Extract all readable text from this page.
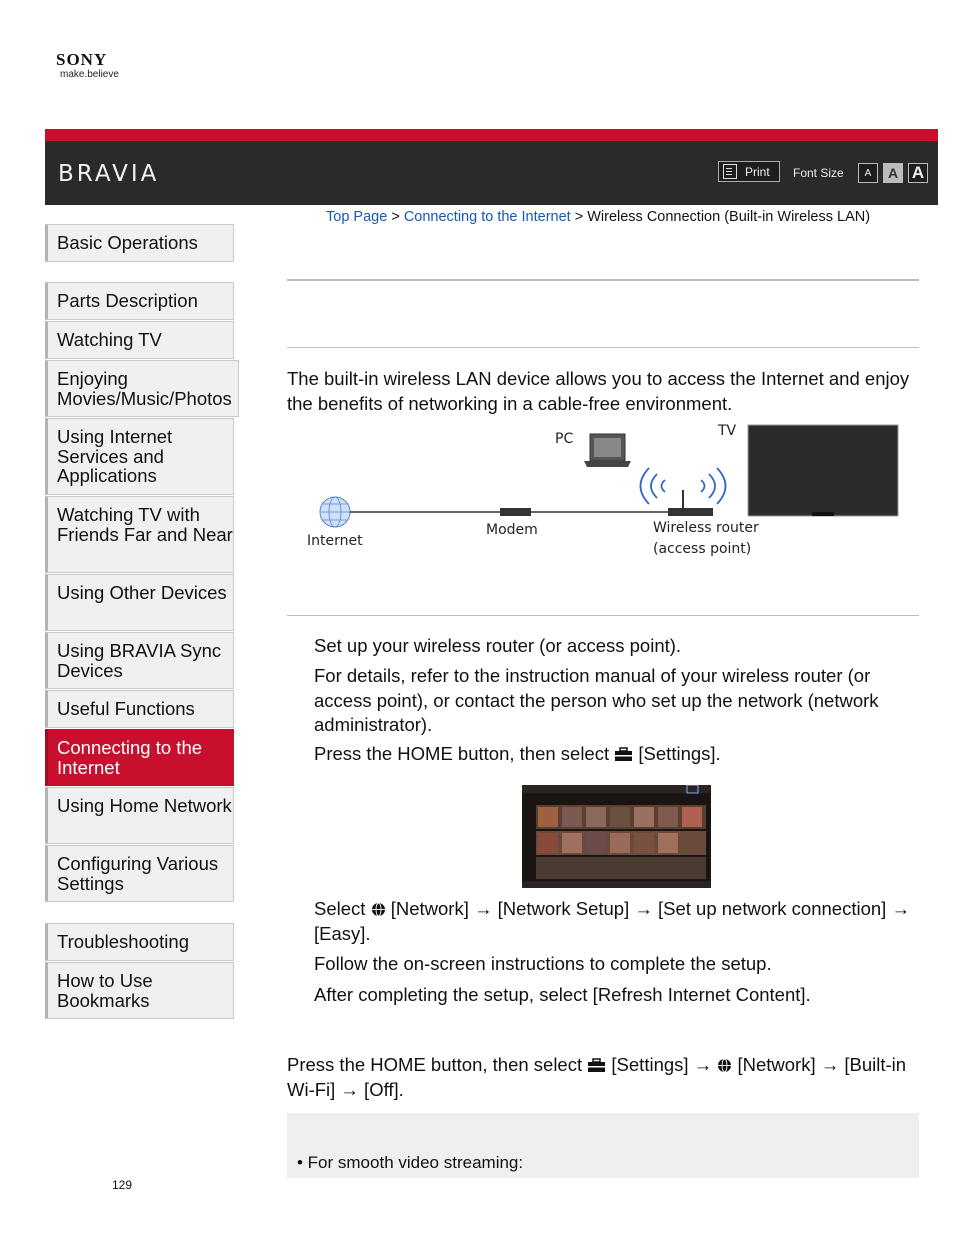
SONY
make.believe
BRAVIA	Print Font Size	A	A A
Top Page > Connecting to the Internet > Wireless Connection (Built-in Wireless LAN)
Basic Operations
Parts Description
Watching TV
Enjoying Movies/Music/Photos
Using Internet Services and Applications
Watching TV with Friends Far and Near
Using Other Devices
Using BRAVIA Sync Devices
Useful Functions
Connecting to the Internet
Using Home Network
Configuring Various Settings
Troubleshooting
How to Use Bookmarks
The built-in wireless LAN device allows you to access the Internet and enjoy the benefits of networking in a cable-free environment.
PC	TV
Internet
Modem	Wireless router
(access point)
Set up your wireless router (or access point).
For details, refer to the instruction manual of your wireless router (or access point), or contact the person who set up the network (network administrator).
Press the HOME button, then select  [Settings].
Select  [Network] → [Network Setup] → [Set up network connection] → [Easy].
Follow the on-screen instructions to complete the setup.
After completing the setup, select [Refresh Internet Content].
Press the HOME button, then select  [Settings] →  [Network] → [Built-in Wi-Fi] → [Off].
• For smooth video streaming:
129
